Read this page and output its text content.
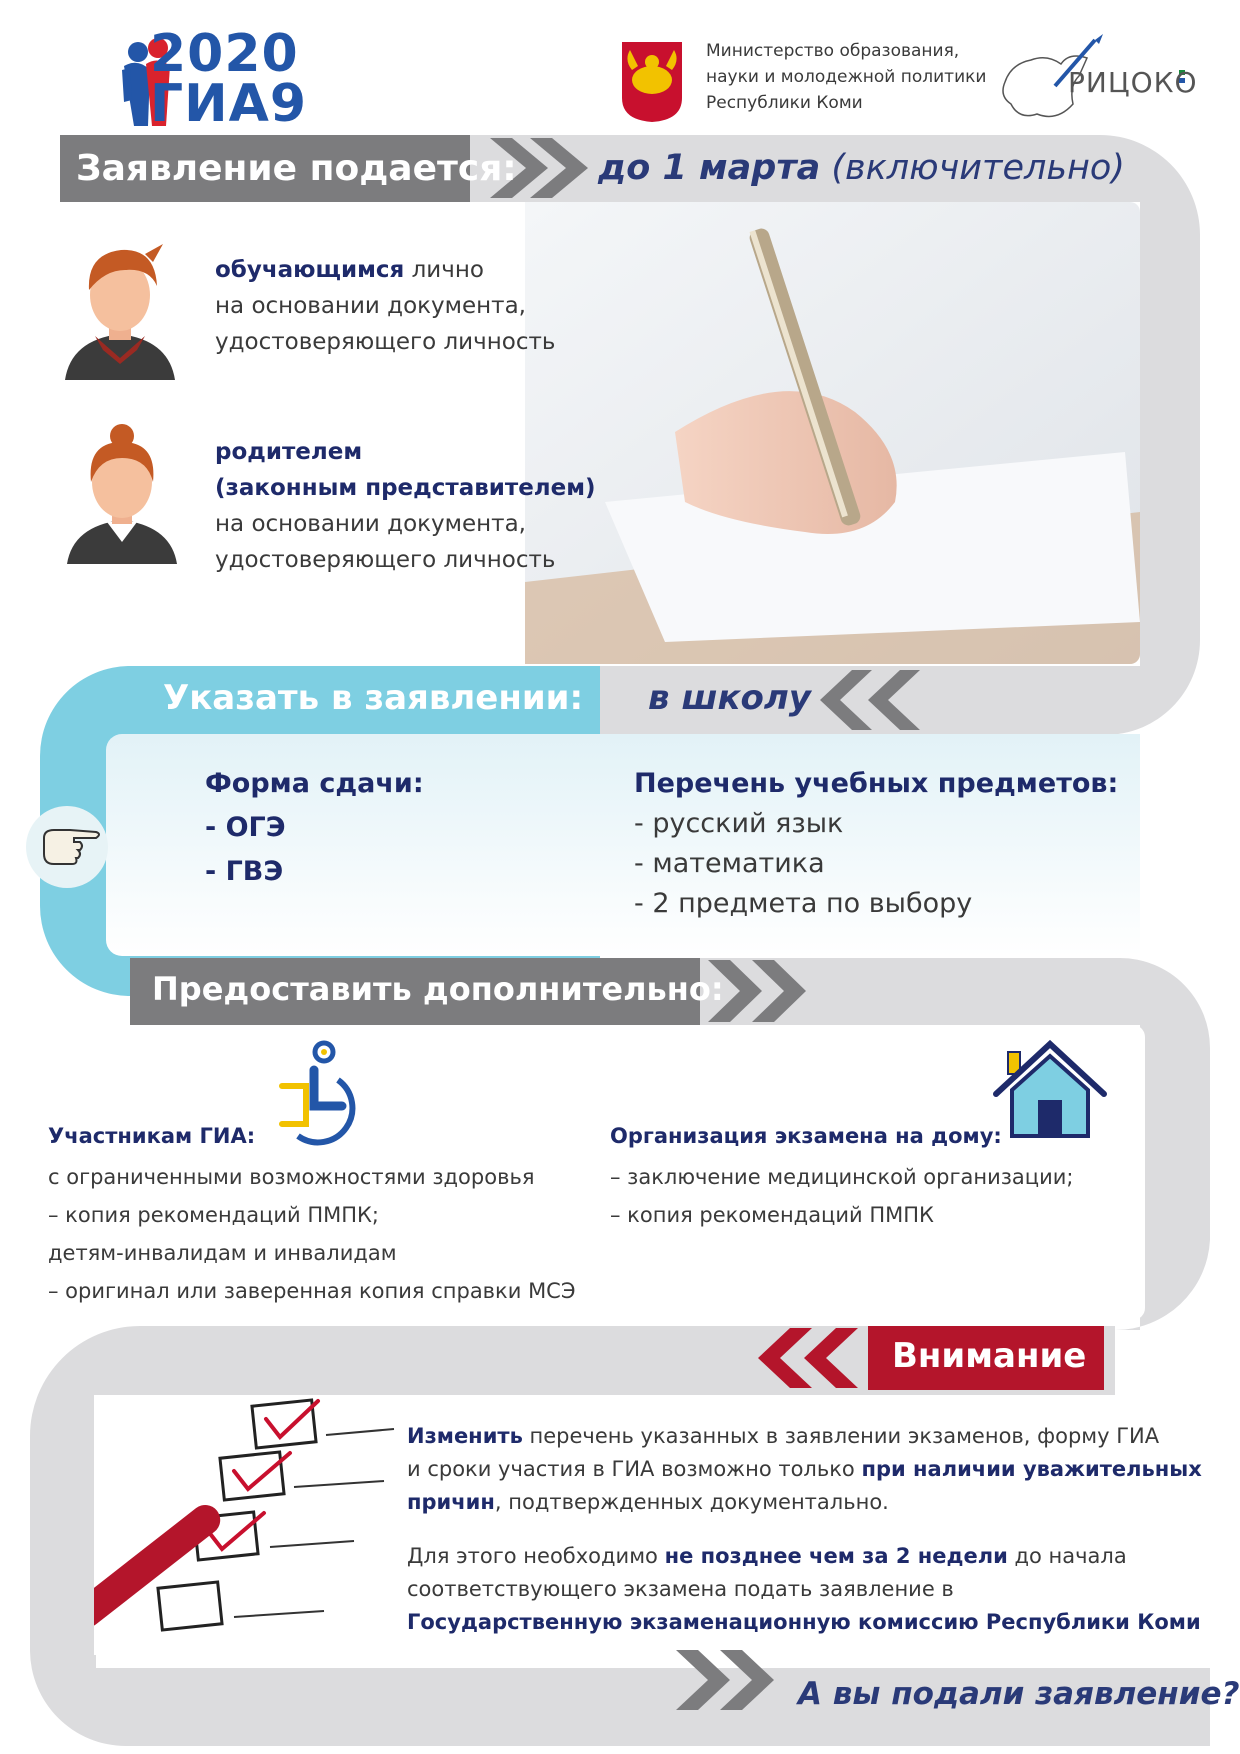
2020
ГИА9
Министерство образования,
науки и молодежной политики
Республики Коми
РИЦОКО
Заявление подается: до 1 марта (включительно)
обучающимся лично
на основании документа,
удостоверяющего личность
родителем
(законным представителем)
на основании документа,
удостоверяющего личность
Указать в заявлении: в школу
Форма сдачи:
- ОГЭ
- ГВЭ
Перечень учебных предметов:
- русский язык
- математика
- 2 предмета по выбору
Предоставить дополнительно:
Участникам ГИА:
с ограниченными возможностями здоровья
– копия рекомендаций ПМПК;
детям-инвалидам и инвалидам
– оригинал или заверенная копия справки МСЭ
Организация экзамена на дому:
– заключение медицинской организации;
– копия рекомендаций ПМПК
Внимание
Изменить перечень указанных в заявлении экзаменов, форму ГИА
и сроки участия в ГИА возможно только при наличии уважительных
причин, подтвержденных документально.
Для этого необходимо не позднее чем за 2 недели до начала
соответствующего экзамена подать заявление в
Государственную экзаменационную комиссию Республики Коми
А вы подали заявление?
